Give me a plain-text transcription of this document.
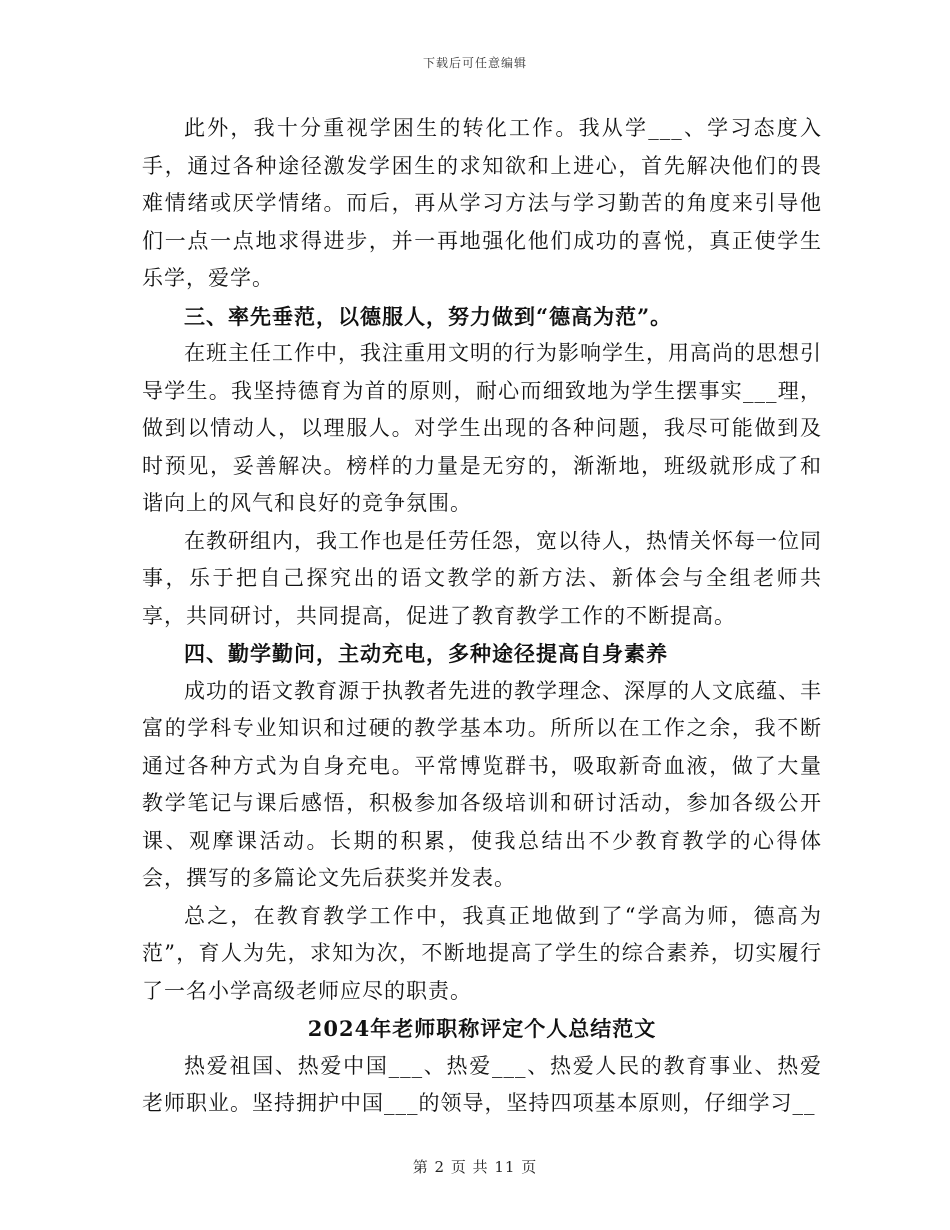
下载后可任意编辑

此外，我十分重视学困生的转化工作。我从学___、学习态度入手，通过各种途径激发学困生的求知欲和上进心，首先解决他们的畏难情绪或厌学情绪。而后，再从学习方法与学习勤苦的角度来引导他们一点一点地求得进步，并一再地强化他们成功的喜悦，真正使学生乐学，爱学。

三、率先垂范，以德服人，努力做到“德高为范”。

在班主任工作中，我注重用文明的行为影响学生，用高尚的思想引导学生。我坚持德育为首的原则，耐心而细致地为学生摆事实___理，做到以情动人，以理服人。对学生出现的各种问题，我尽可能做到及时预见，妥善解决。榜样的力量是无穷的，渐渐地，班级就形成了和谐向上的风气和良好的竞争氛围。

在教研组内，我工作也是任劳任怨，宽以待人，热情关怀每一位同事，乐于把自己探究出的语文教学的新方法、新体会与全组老师共享，共同研讨，共同提高，促进了教育教学工作的不断提高。

四、勤学勤问，主动充电，多种途径提高自身素养

成功的语文教育源于执教者先进的教学理念、深厚的人文底蕴、丰富的学科专业知识和过硬的教学基本功。所所以在工作之余，我不断通过各种方式为自身充电。平常博览群书，吸取新奇血液，做了大量教学笔记与课后感悟，积极参加各级培训和研讨活动，参加各级公开课、观摩课活动。长期的积累，使我总结出不少教育教学的心得体会，撰写的多篇论文先后获奖并发表。

总之，在教育教学工作中，我真正地做到了“学高为师，德高为范”，育人为先，求知为次，不断地提高了学生的综合素养，切实履行了一名小学高级老师应尽的职责。

2024年老师职称评定个人总结范文

热爱祖国、热爱中国___、热爱___、热爱人民的教育事业、热爱老师职业。坚持拥护中国___的领导，坚持四项基本原则，仔细学习__

第 2 页 共 11 页
